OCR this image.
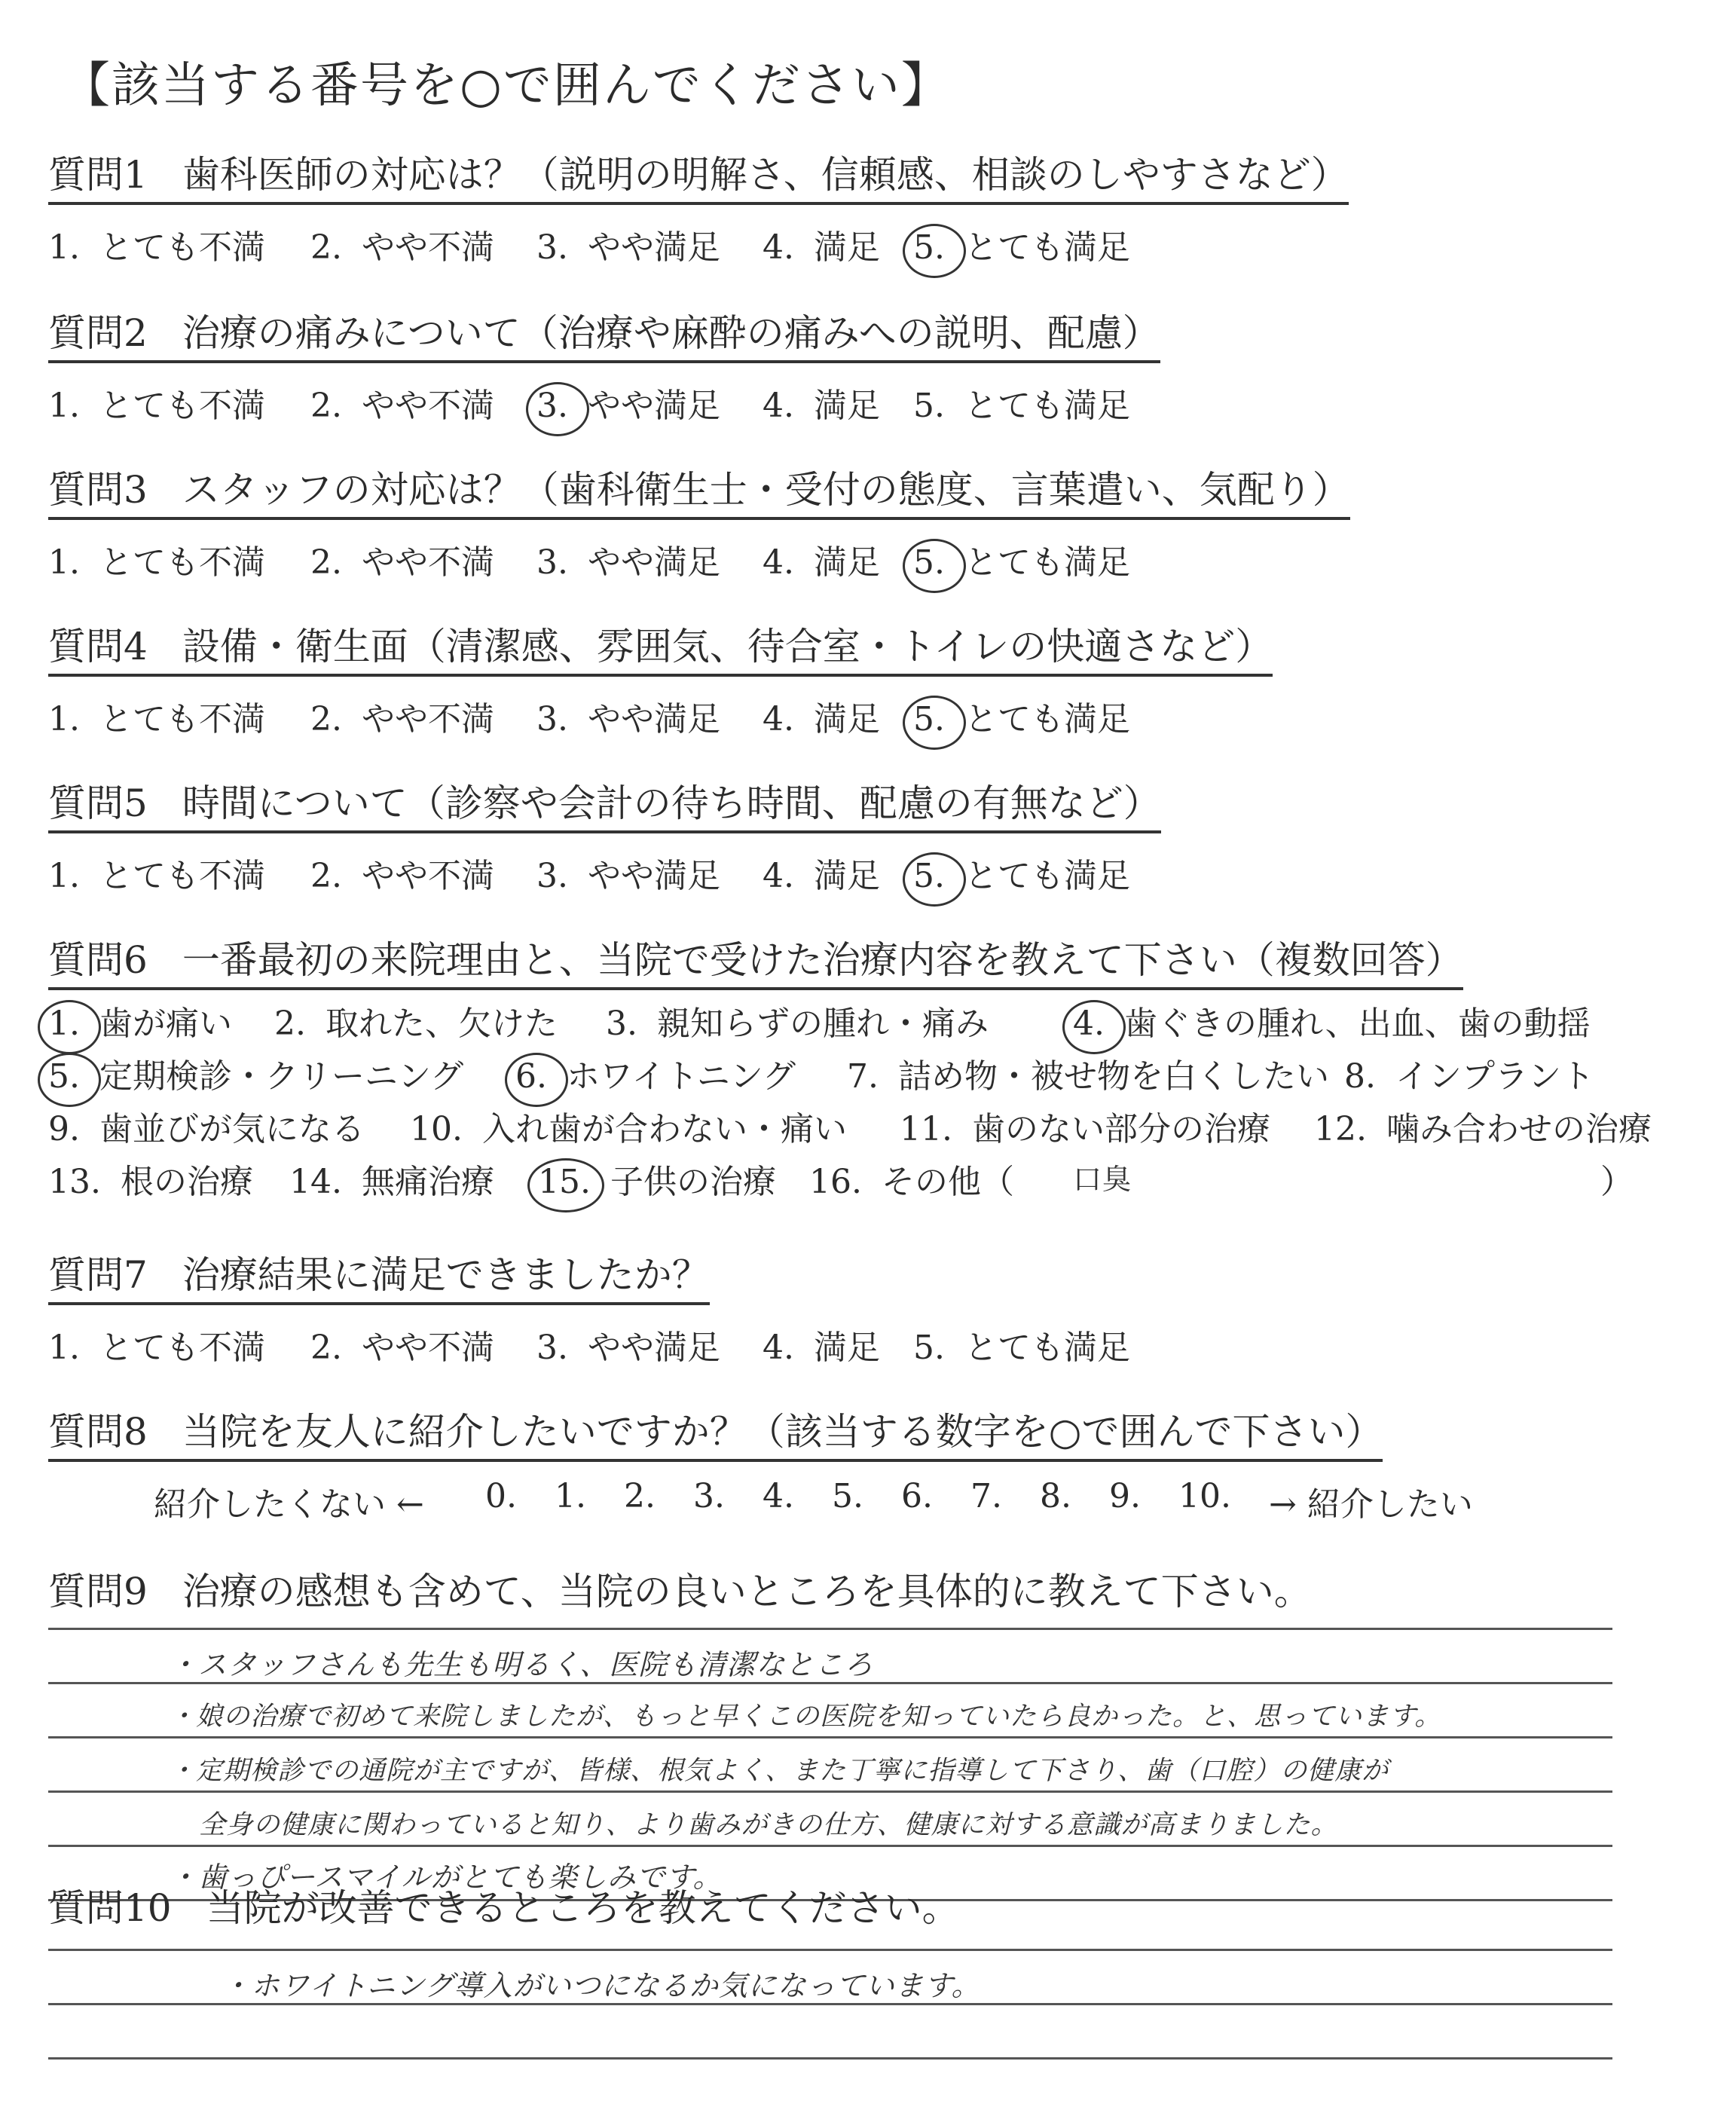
【該当する番号を○で囲んでください】
質問1 歯科医師の対応は？（説明の明解さ、信頼感、相談のしやすさなど）
1. とても不満 2. やや不満 3. やや満足 4. 満足 5. とても満足
質問2 治療の痛みについて（治療や麻酔の痛みへの説明、配慮）
1. とても不満 2. やや不満 3. やや満足 4. 満足 5. とても満足
質問3 スタッフの対応は？（歯科衛生士・受付の態度、言葉遣い、気配り）
1. とても不満 2. やや不満 3. やや満足 4. 満足 5. とても満足
質問4 設備・衛生面（清潔感、雰囲気、待合室・トイレの快適さなど）
1. とても不満 2. やや不満 3. やや満足 4. 満足 5. とても満足
質問5 時間について（診察や会計の待ち時間、配慮の有無など）
1. とても不満 2. やや不満 3. やや満足 4. 満足 5. とても満足
質問6 一番最初の来院理由と、当院で受けた治療内容を教えて下さい（複数回答）
1. 歯が痛い 2. 取れた、欠けた 3. 親知らずの腫れ・痛み	4. 歯ぐきの腫れ、出血、歯の動揺
5. 定期検診・クリーニング 6. ホワイトニング 7. 詰め物・被せ物を白くしたい 8. インプラント
9. 歯並びが気になる 10. 入れ歯が合わない・痛い 11. 歯のない部分の治療 12. 噛み合わせの治療
13. 根の治療 14. 無痛治療 15. 子供の治療 16. その他（ 口臭	）
質問7 治療結果に満足できましたか？
1. とても不満 2. やや不満 3. やや満足 4. 満足 5. とても満足
質問8 当院を友人に紹介したいですか？（該当する数字を○で囲んで下さい）
紹介したくない ← 0. 1. 2. 3. 4. 5. 6. 7. 8. 9. 10. → 紹介したい
質問9 治療の感想も含めて、当院の良いところを具体的に教えて下さい。
・スタッフさんも先生も明るく、医院も清潔なところ
・娘の治療で初めて来院しましたが、もっと早くこの医院を知っていたら良かった。と、思っています。
・定期検診での通院が主ですが、皆様、根気よく、また丁寧に指導して下さり、歯（口腔）の健康が
全身の健康に関わっていると知り、より歯みがきの仕方、健康に対する意識が高まりました。
・歯っぴースマイルがとても楽しみです。
質問10 当院が改善できるところを教えてください。
・ホワイトニング導入がいつになるか気になっています。
